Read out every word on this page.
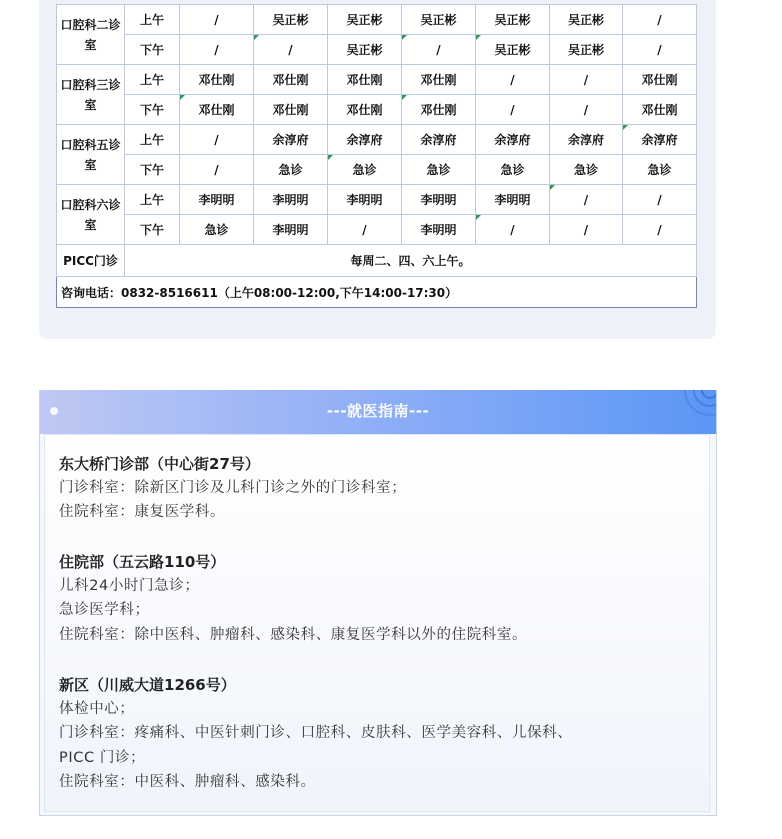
口腔科二诊室	上午	/	吴正彬	吴正彬	吴正彬	吴正彬	吴正彬	/
	下午	/	/	吴正彬	/	吴正彬	吴正彬	/
口腔科三诊室	上午	邓仕刚	邓仕刚	邓仕刚	邓仕刚	/	/	邓仕刚
	下午	邓仕刚	邓仕刚	邓仕刚	邓仕刚	/	/	邓仕刚
口腔科五诊室	上午	/	余淳府	余淳府	余淳府	余淳府	余淳府	余淳府
	下午	/	急诊	急诊	急诊	急诊	急诊	急诊
口腔科六诊室	上午	李明明	李明明	李明明	李明明	李明明	/	/
	下午	急诊	李明明	/	李明明	/	/	/
PICC门诊	每周二、四、六上午。							
咨询电话：0832-8516611（上午08:00-12:00,下午14:00-17:30）								
---就医指南---
东大桥门诊部（中心街27号）
门诊科室：除新区门诊及儿科门诊之外的门诊科室；
住院科室：康复医学科。
住院部（五云路110号）
儿科24小时门急诊；
急诊医学科；
住院科室：除中医科、肿瘤科、感染科、康复医学科以外的住院科室。
新区（川威大道1266号）
体检中心；
门诊科室：疼痛科、中医针刺门诊、口腔科、皮肤科、医学美容科、儿保科、
PICC 门诊；
住院科室：中医科、肿瘤科、感染科。
